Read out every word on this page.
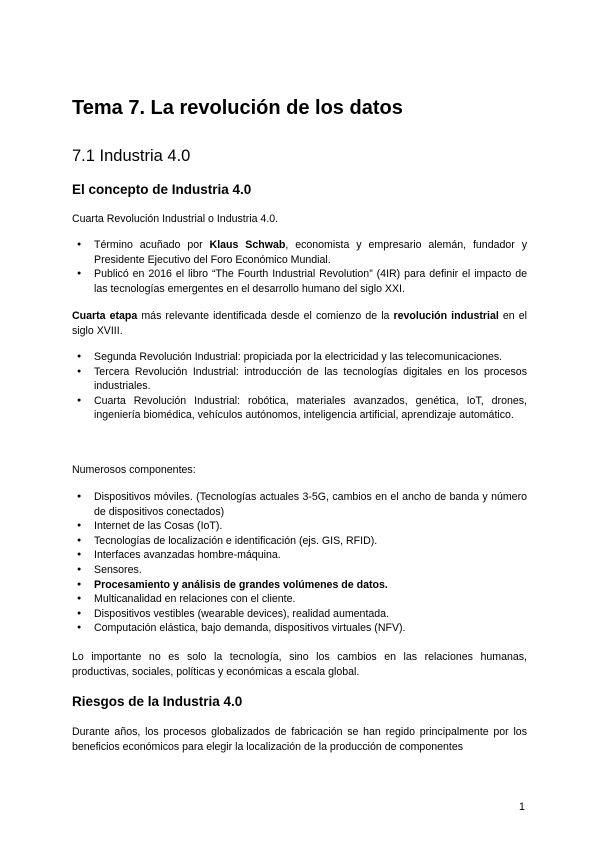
Tema 7. La revolución de los datos
7.1 Industria 4.0
El concepto de Industria 4.0

Cuarta Revolución Industrial o Industria 4.0.

● Término acuñado por Klaus Schwab, economista y empresario alemán, fundador y Presidente Ejecutivo del Foro Económico Mundial.
● Publicó en 2016 el libro “The Fourth Industrial Revolution” (4IR) para definir el impacto de las tecnologías emergentes en el desarrollo humano del siglo XXI.

Cuarta etapa más relevante identificada desde el comienzo de la revolución industrial en el siglo XVIII.

● Segunda Revolución Industrial: propiciada por la electricidad y las telecomunicaciones.
● Tercera Revolución Industrial: introducción de las tecnologías digitales en los procesos industriales.
● Cuarta Revolución Industrial: robótica, materiales avanzados, genética, IoT, drones, ingeniería biomédica, vehículos autónomos, inteligencia artificial, aprendizaje automático.

Numerosos componentes:

● Dispositivos móviles. (Tecnologías actuales 3-5G, cambios en el ancho de banda y número de dispositivos conectados)
● Internet de las Cosas (IoT).
● Tecnologías de localización e identificación (ejs. GIS, RFID).
● Interfaces avanzadas hombre-máquina.
● Sensores.
● Procesamiento y análisis de grandes volúmenes de datos.
● Multicanalidad en relaciones con el cliente.
● Dispositivos vestibles (wearable devices), realidad aumentada.
● Computación elástica, bajo demanda, dispositivos virtuales (NFV).

Lo importante no es solo la tecnología, sino los cambios en las relaciones humanas, productivas, sociales, políticas y económicas a escala global.

Riesgos de la Industria 4.0

Durante años, los procesos globalizados de fabricación se han regido principalmente por los beneficios económicos para elegir la localización de la producción de componentes

1
